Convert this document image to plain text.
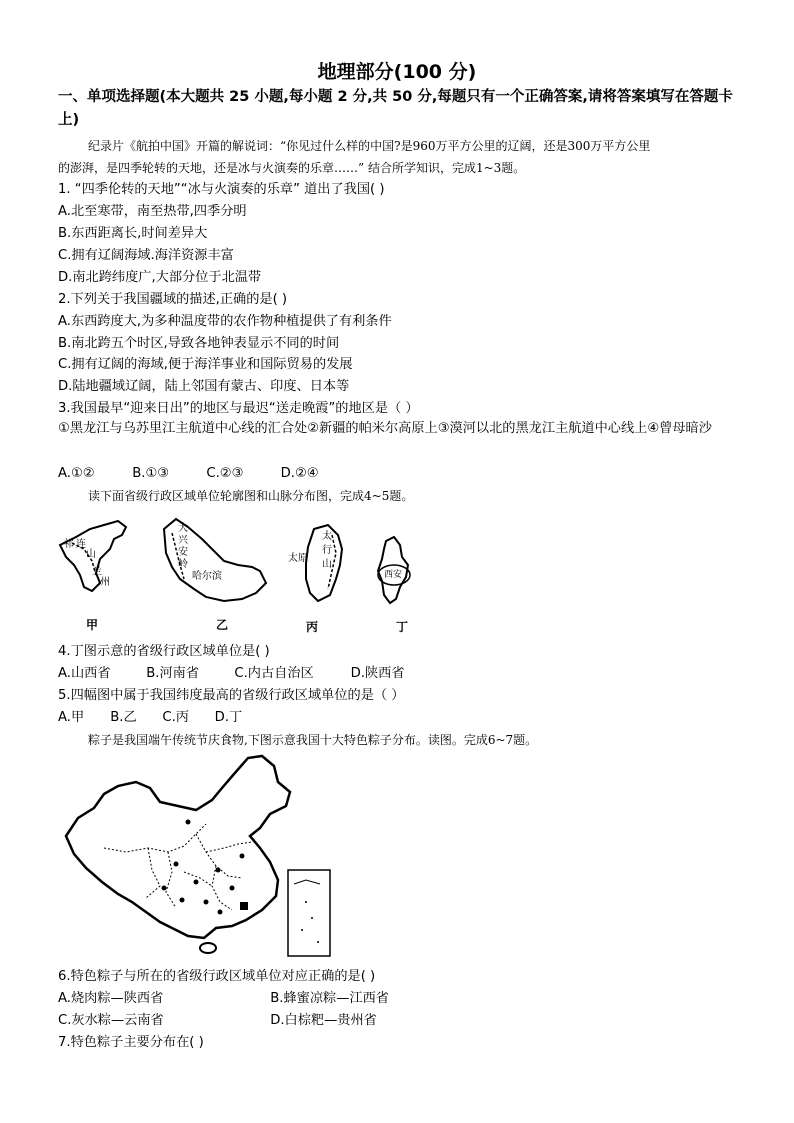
地理部分(100 分)
一、单项选择题(本大题共 25 小题,每小题 2 分,共 50 分,每题只有一个正确答案,请将答案填写在答题卡上)
纪录片《航拍中国》开篇的解说词：“你见过什么样的中国?是960万平方公里的辽阔，还是300万平方公里
的澎湃，是四季轮转的天地，还是冰与火演奏的乐章……” 结合所学知识，完成1~3题。
1. “四季伦转的天地”“冰与火演奏的乐章” 道出了我国( )
A.北至寒带，南至热带,四季分明
B.东西距离长,时间差异大
C.拥有辽阔海域.海洋资源丰富
D.南北跨纬度广,大部分位于北温带
2.下列关于我国疆域的描述,正确的是( )
A.东西跨度大,为多种温度带的农作物种植提供了有利条件
B.南北跨五个时区,导致各地钟表显示不同的时间
C.拥有辽阔的海域,便于海洋事业和国际贸易的发展
D.陆地疆域辽阔，陆上邻国有蒙古、印度、日本等
3.我国最早“迎来日出”的地区与最迟“送走晚霞”的地区是（ ）
①黑龙江与乌苏里江主航道中心线的汇合处②新疆的帕米尔高原上③漠河以北的黑龙江主航道中心线上④曾母暗沙
A.①②	B.①③	C.②③	D.②④
读下面省级行政区域单位轮廓图和山脉分布图，完成4~5题。
祁 连
山
兰
州
大
兴
安
岭
哈尔滨
太
行
山
太原
西安
甲	乙	丙	丁
4.丁图示意的省级行政区域单位是( )
A.山西省	B.河南省	C.内古自治区	D.陕西省
5.四幅图中属于我国纬度最高的省级行政区域单位的是（ ）
A.甲 B.乙 C.丙 D.丁
粽子是我国端午传统节庆食物,下图示意我国十大特色粽子分布。读图。完成6~7题。
6.特色粽子与所在的省级行政区域单位对应正确的是( )
A.烧肉粽—陕西省	B.蜂蜜凉粽—江西省
C.灰水粽—云南省	D.白棕粑—贵州省
7.特色粽子主要分布在( )
